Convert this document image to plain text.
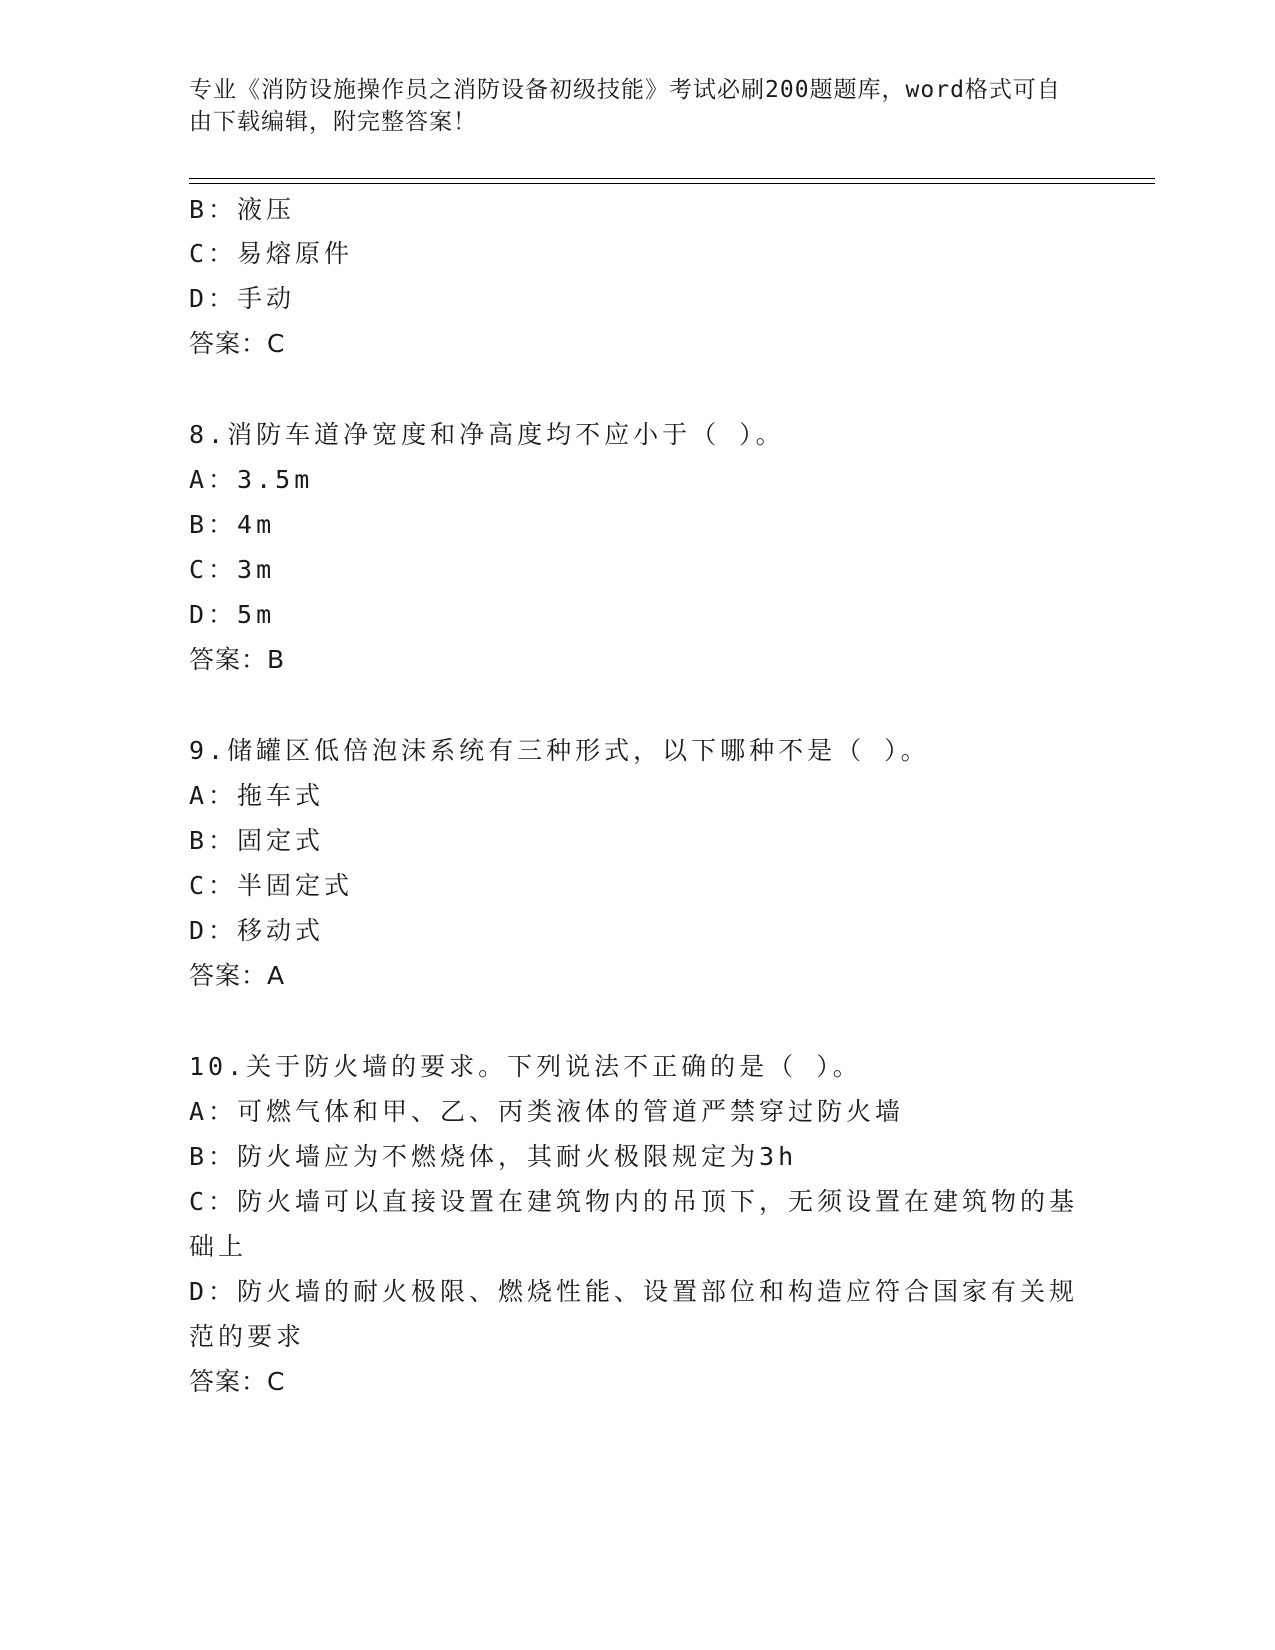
专业《消防设施操作员之消防设备初级技能》考试必刷200题题库，word格式可自由下载编辑，附完整答案！
B：液压
C：易熔原件
D：手动
答案：C
8.消防车道净宽度和净高度均不应小于（ ）。
A：3.5m
B：4m
C：3m
D：5m
答案：B
9.储罐区低倍泡沫系统有三种形式，以下哪种不是（ ）。
A：拖车式
B：固定式
C：半固定式
D：移动式
答案：A
10.关于防火墙的要求。下列说法不正确的是（ ）。
A：可燃气体和甲、乙、丙类液体的管道严禁穿过防火墙
B：防火墙应为不燃烧体，其耐火极限规定为3h
C：防火墙可以直接设置在建筑物内的吊顶下，无须设置在建筑物的基
础上
D：防火墙的耐火极限、燃烧性能、设置部位和构造应符合国家有关规
范的要求
答案：C
